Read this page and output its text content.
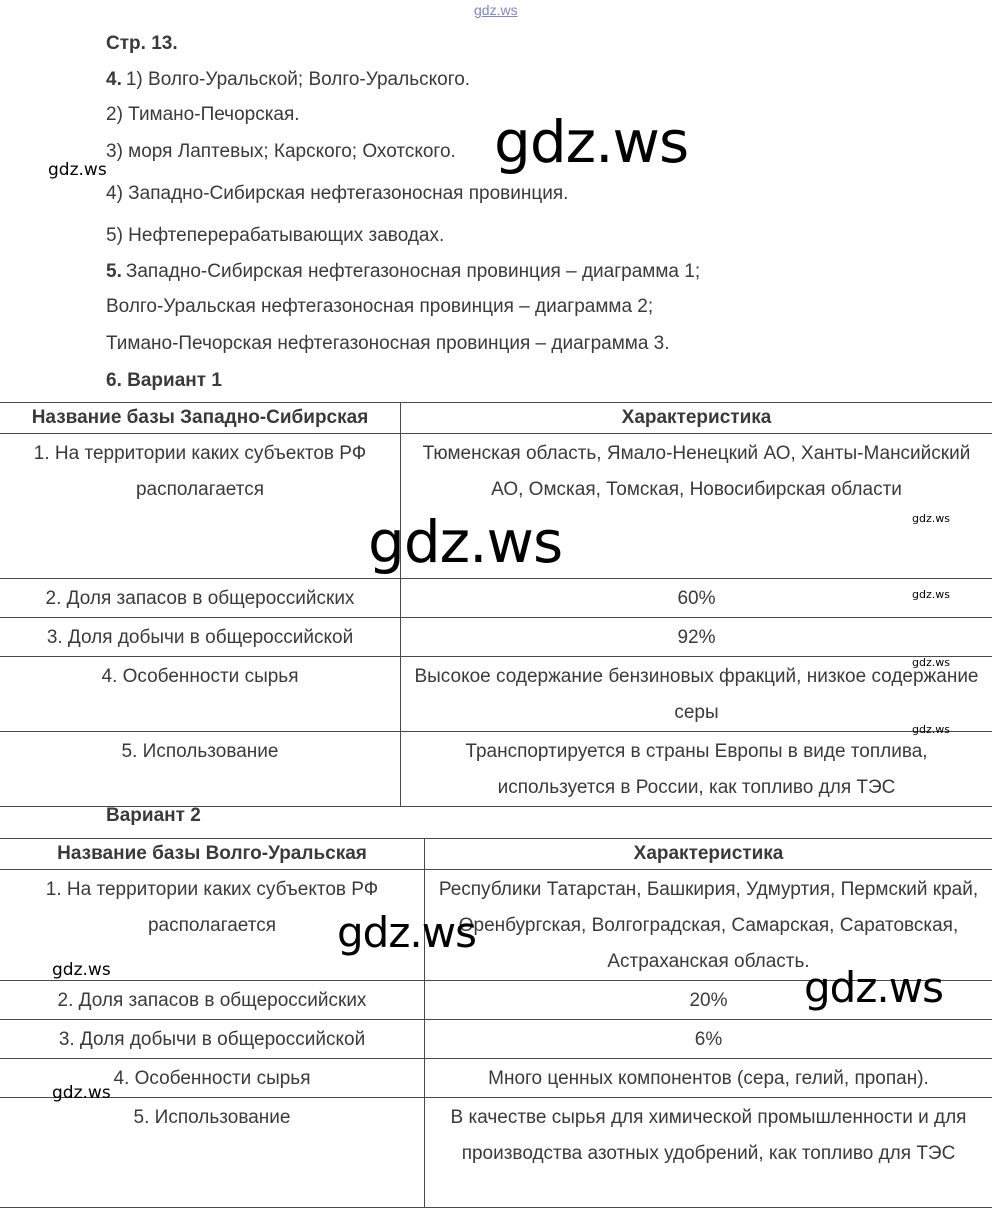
gdz.ws
Стр. 13.
4. 1) Волго-Уральской; Волго-Уральского.
2) Тимано-Печорская.
3) моря Лаптевых; Карского; Охотского.
4) Западно-Сибирская нефтегазоносная провинция.
5) Нефтеперерабатывающих заводах.
5. Западно-Сибирская нефтегазоносная провинция – диаграмма 1;
Волго-Уральская нефтегазоносная провинция – диаграмма 2;
Тимано-Печорская нефтегазоносная провинция – диаграмма 3.
6. Вариант 1
Название базы Западно-Сибирская	Характеристика
1. На территории каких субъектов РФ располагается	Тюменская область, Ямало-Ненецкий АО, Ханты-Мансийский АО, Омская, Томская, Новосибирская области
2. Доля запасов в общероссийских	60%
3. Доля добычи в общероссийской	92%
4. Особенности сырья	Высокое содержание бензиновых фракций, низкое содержание серы
5. Использование	Транспортируется в страны Европы в виде топлива, используется в России, как топливо для ТЭС
Вариант 2
Название базы Волго-Уральская	Характеристика
1. На территории каких субъектов РФ располагается	Республики Татарстан, Башкирия, Удмуртия, Пермский край, Оренбургская, Волгоградская, Самарская, Саратовская, Астраханская область.
2. Доля запасов в общероссийских	20%
3. Доля добычи в общероссийской	6%
4. Особенности сырья	Много ценных компонентов (сера, гелий, пропан).
5. Использование	В качестве сырья для химической промышленности и для производства азотных удобрений, как топливо для ТЭС
gdz.ws
gdz.ws
gdz.ws
gdz.ws
gdz.ws
gdz.ws
gdz.ws
gdz.ws
gdz.ws
gdz.ws
gdz.ws
